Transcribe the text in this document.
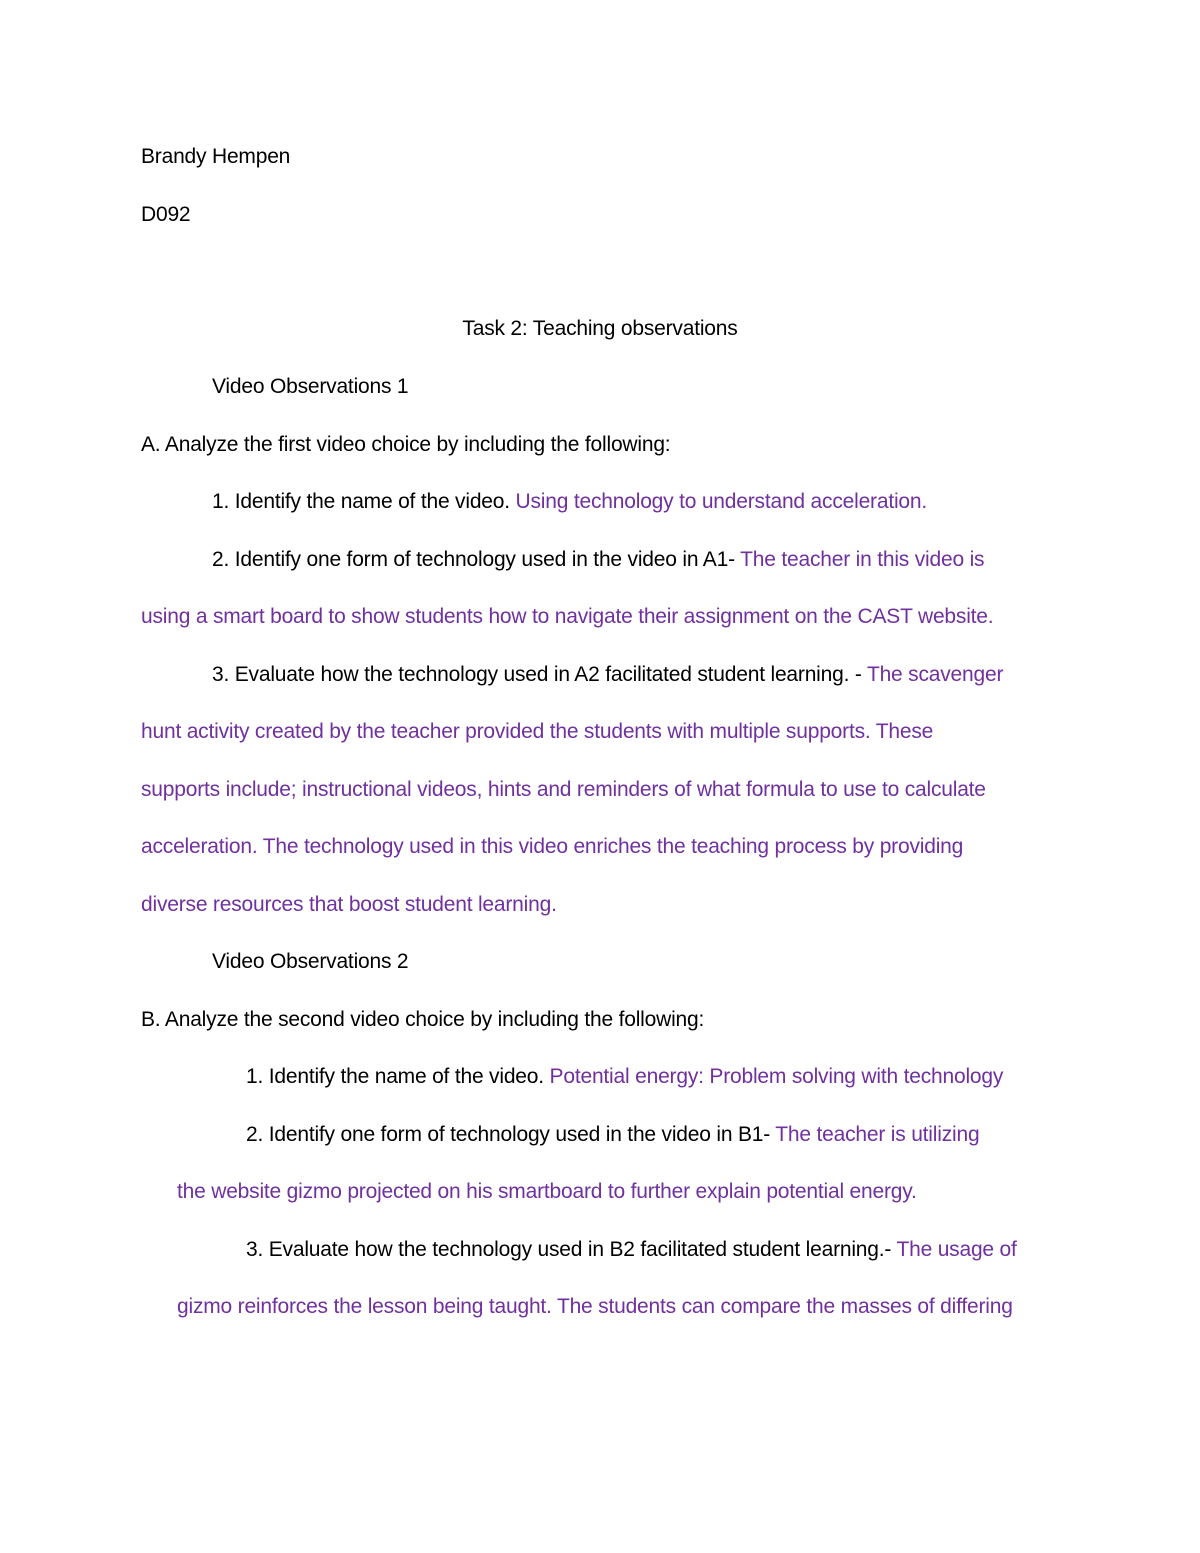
Brandy Hempen
D092
Task 2: Teaching observations
Video Observations 1
A. Analyze the first video choice by including the following:
1. Identify the name of the video. Using technology to understand acceleration.
2. Identify one form of technology used in the video in A1- The teacher in this video is
using a smart board to show students how to navigate their assignment on the CAST website.
3. Evaluate how the technology used in A2 facilitated student learning. - The scavenger
hunt activity created by the teacher provided the students with multiple supports. These
supports include; instructional videos, hints and reminders of what formula to use to calculate
acceleration. The technology used in this video enriches the teaching process by providing
diverse resources that boost student learning.
Video Observations 2
B. Analyze the second video choice by including the following:
1. Identify the name of the video. Potential energy: Problem solving with technology
2. Identify one form of technology used in the video in B1- The teacher is utilizing
the website gizmo projected on his smartboard to further explain potential energy.
3. Evaluate how the technology used in B2 facilitated student learning.- The usage of
gizmo reinforces the lesson being taught. The students can compare the masses of differing
